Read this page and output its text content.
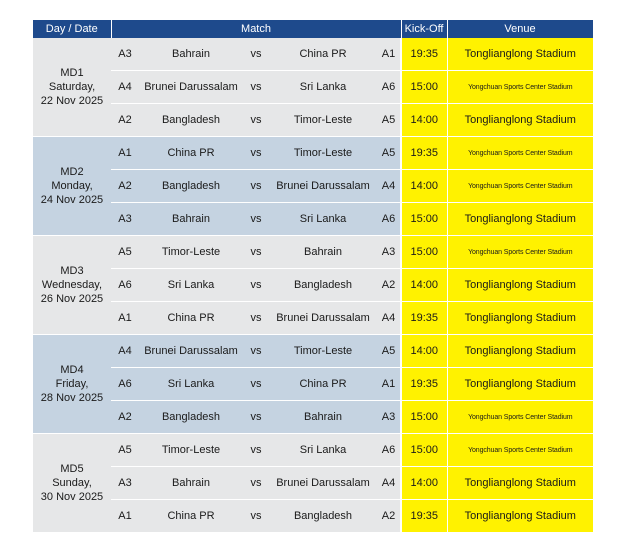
Day / Date	Match					Kick-Off	Venue

MD1
Saturday,
22 Nov 2025	A3	Bahrain	vs	China PR	A1	19:35	Tonglianglong Stadium
	A4	Brunei Darussalam	vs	Sri Lanka	A6	15:00	Yongchuan Sports Center Stadium
	A2	Bangladesh	vs	Timor-Leste	A5	14:00	Tonglianglong Stadium

MD2
Monday,
24 Nov 2025	A1	China PR	vs	Timor-Leste	A5	19:35	Yongchuan Sports Center Stadium
	A2	Bangladesh	vs	Brunei Darussalam	A4	14:00	Yongchuan Sports Center Stadium
	A3	Bahrain	vs	Sri Lanka	A6	15:00	Tonglianglong Stadium

MD3
Wednesday,
26 Nov 2025	A5	Timor-Leste	vs	Bahrain	A3	15:00	Yongchuan Sports Center Stadium
	A6	Sri Lanka	vs	Bangladesh	A2	14:00	Tonglianglong Stadium
	A1	China PR	vs	Brunei Darussalam	A4	19:35	Tonglianglong Stadium

MD4
Friday,
28 Nov 2025	A4	Brunei Darussalam	vs	Timor-Leste	A5	14:00	Tonglianglong Stadium
	A6	Sri Lanka	vs	China PR	A1	19:35	Tonglianglong Stadium
	A2	Bangladesh	vs	Bahrain	A3	15:00	Yongchuan Sports Center Stadium

MD5
Sunday,
30 Nov 2025	A5	Timor-Leste	vs	Sri Lanka	A6	15:00	Yongchuan Sports Center Stadium
	A3	Bahrain	vs	Brunei Darussalam	A4	14:00	Tonglianglong Stadium
	A1	China PR	vs	Bangladesh	A2	19:35	Tonglianglong Stadium
